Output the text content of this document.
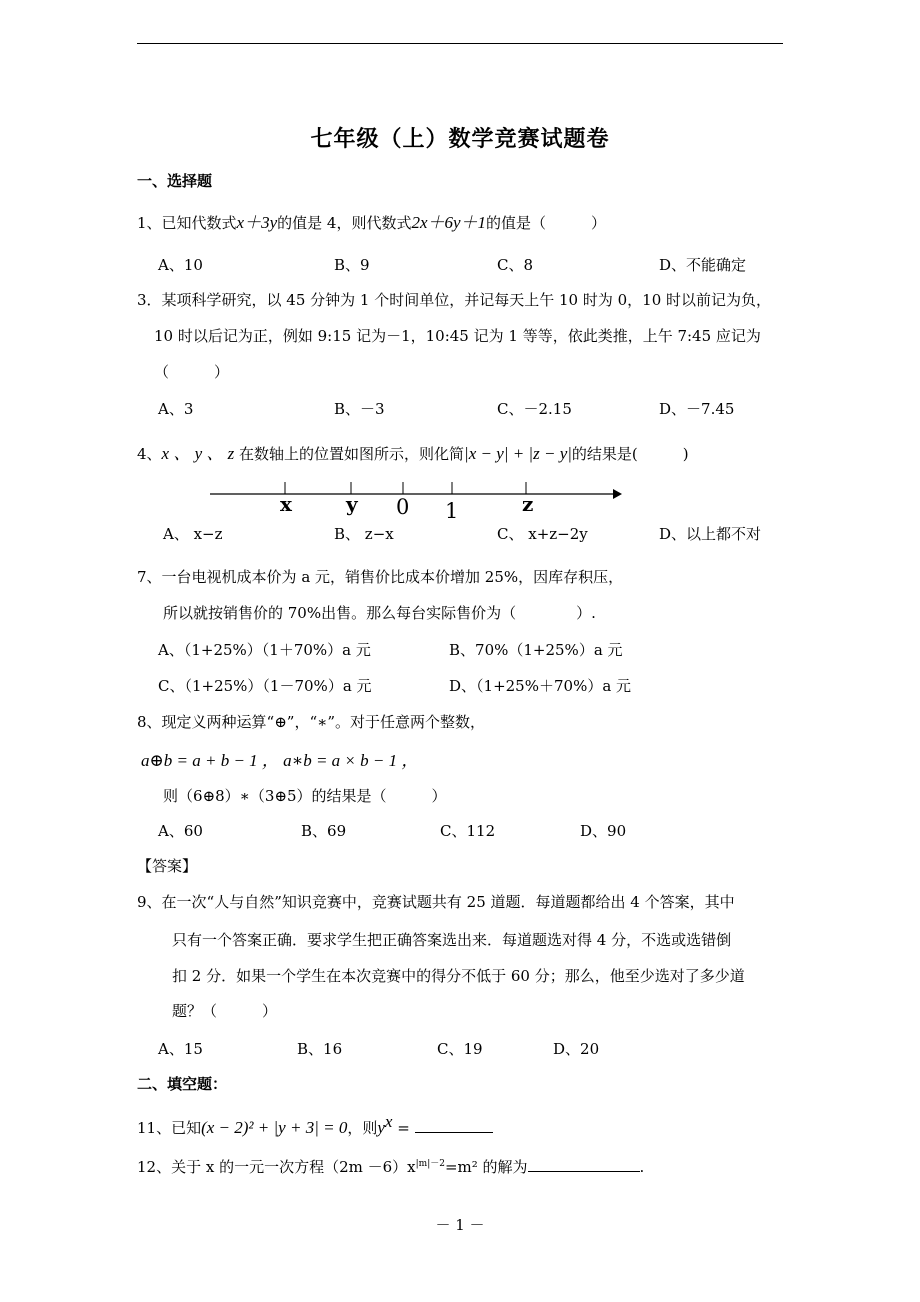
七年级（上）数学竞赛试题卷
一、选择题
1、已知代数式x＋3y的值是 4，则代数式2x＋6y＋1的值是（　　　）
A、10	B、9	C、8	D、不能确定
3．某项科学研究，以 45 分钟为 1 个时间单位，并记每天上午 10 时为 0，10 时以前记为负，
10 时以后记为正，例如 9:15 记为－1，10:45 记为 1 等等，依此类推，上午 7:45 应记为
（　　　）
A、3	B、－3	C、－2.15	D、－7.45
4、x 、 y 、 z 在数轴上的位置如图所示，则化简|x − y| + |z − y|的结果是(　　　)
x	y 0 1	z
A、 x−z	B、 z−x	C、 x+z−2y	D、以上都不对
7、一台电视机成本价为 a 元，销售价比成本价增加 25%，因库存积压，
所以就按销售价的 70%出售。那么每台实际售价为（　　　　）.
A、（1+25%）（1＋70%）a 元	B、70%（1+25%）a 元
C、（1+25%）（1－70%）a 元	D、（1+25%＋70%）a 元
8、现定义两种运算“⊕”，“∗”。对于任意两个整数，
a⊕b = a + b − 1 ， a∗b = a × b − 1 ，
则（6⊕8）∗（3⊕5）的结果是（　　　）
A、60	B、69	C、112	D、90
【答案】
9、在一次“人与自然”知识竞赛中，竞赛试题共有 25 道题．每道题都给出 4 个答案，其中
只有一个答案正确．要求学生把正确答案选出来．每道题选对得 4 分，不选或选错倒
扣 2 分．如果一个学生在本次竞赛中的得分不低于 60 分；那么，他至少选对了多少道
题？（　　　）
A、15	B、16	C、19	D、20
二、填空题：
11、已知(x − 2)² + |y + 3| = 0，则$y^x$ =
12、关于 x 的一元一次方程$(2m -6)x^{|m|-2}=m^2$ 的解为	.
－ 1 －
